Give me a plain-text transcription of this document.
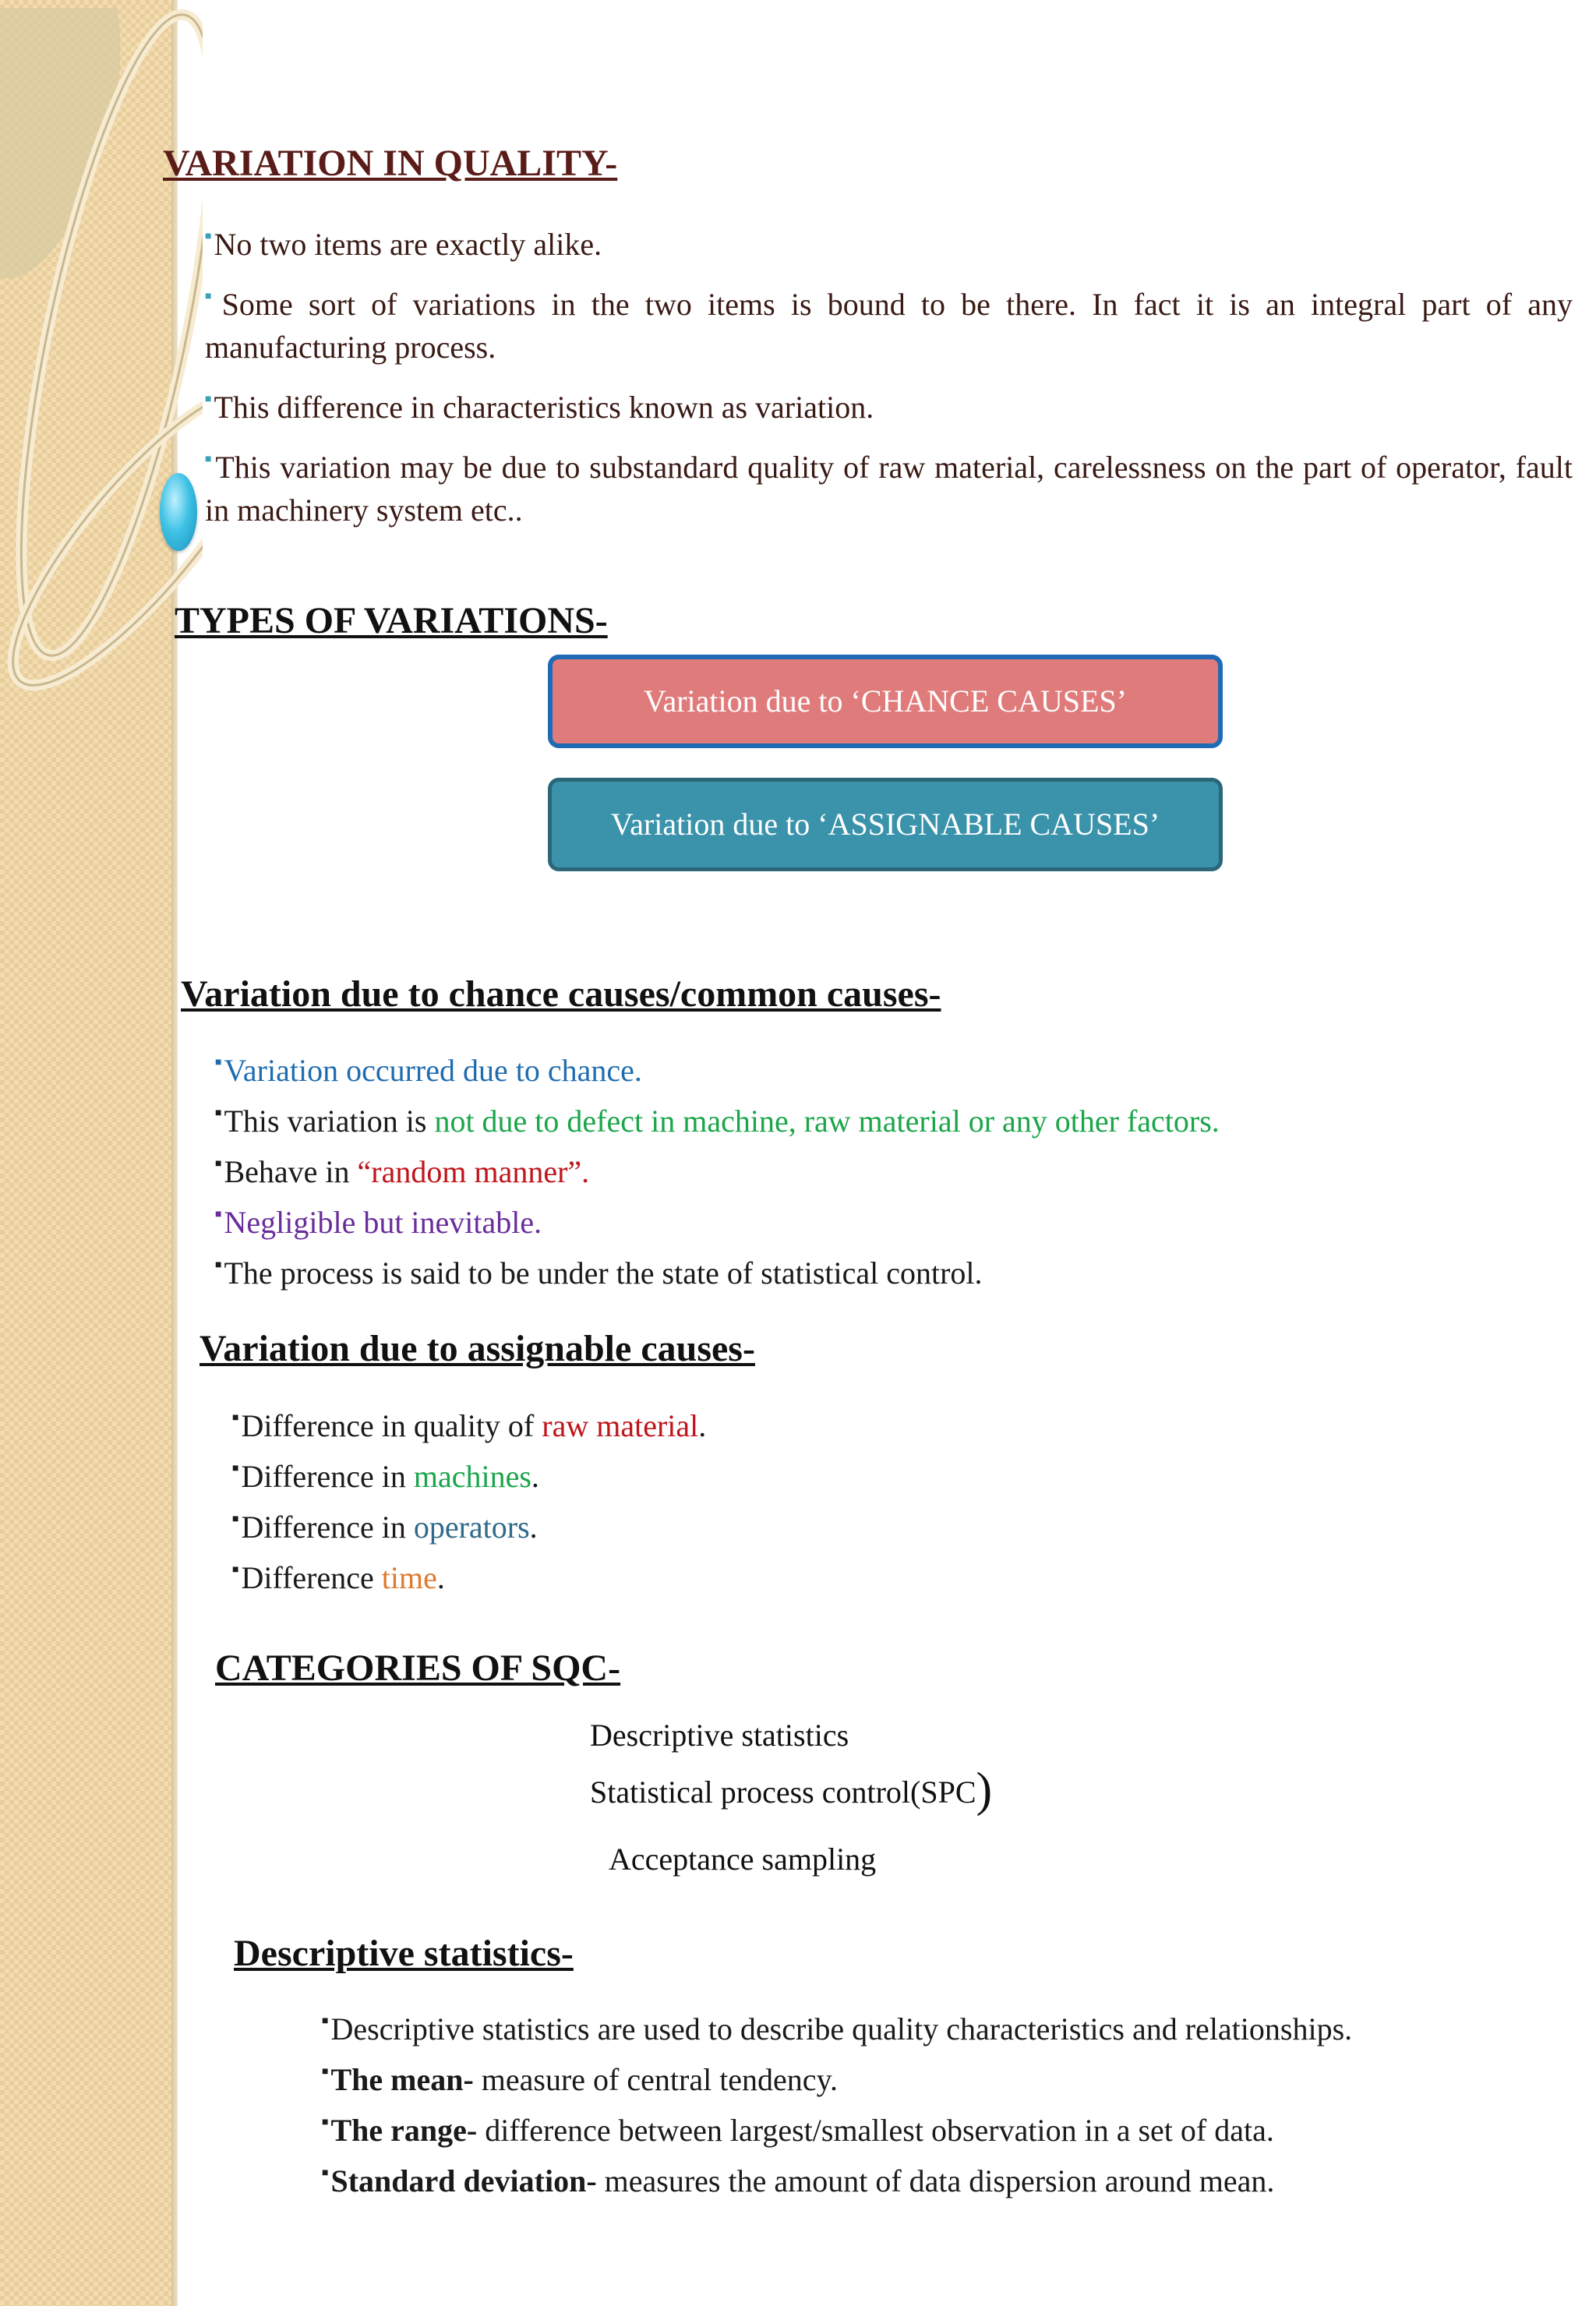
VARIATION IN QUALITY-
■No two items are exactly alike.
■Some sort of variations in the two items is bound to be there. In fact it is an integral part of any manufacturing process.
■This difference in characteristics known as variation.
■This variation may be due to substandard quality of raw material, carelessness on the part of operator, fault in machinery system etc..
TYPES OF VARIATIONS-
Variation due to ‘CHANCE CAUSES’
Variation due to ‘ASSIGNABLE CAUSES’
Variation due to chance causes/common causes-
■Variation occurred due to chance.
■This variation is not due to defect in machine, raw material or any other factors.
■Behave in “random manner”.
■Negligible but inevitable.
■The process is said to be under the state of statistical control.
Variation due to assignable causes-
■Difference in quality of raw material.
■Difference in machines.
■Difference in operators.
■Difference time.
CATEGORIES OF SQC-
Descriptive statistics
Statistical process control(SPC)
Acceptance sampling
Descriptive statistics-
■Descriptive statistics are used to describe quality characteristics and relationships.
■The mean- measure of central tendency.
■The range- difference between largest/smallest observation in a set of data.
■Standard deviation- measures the amount of data dispersion around mean.
